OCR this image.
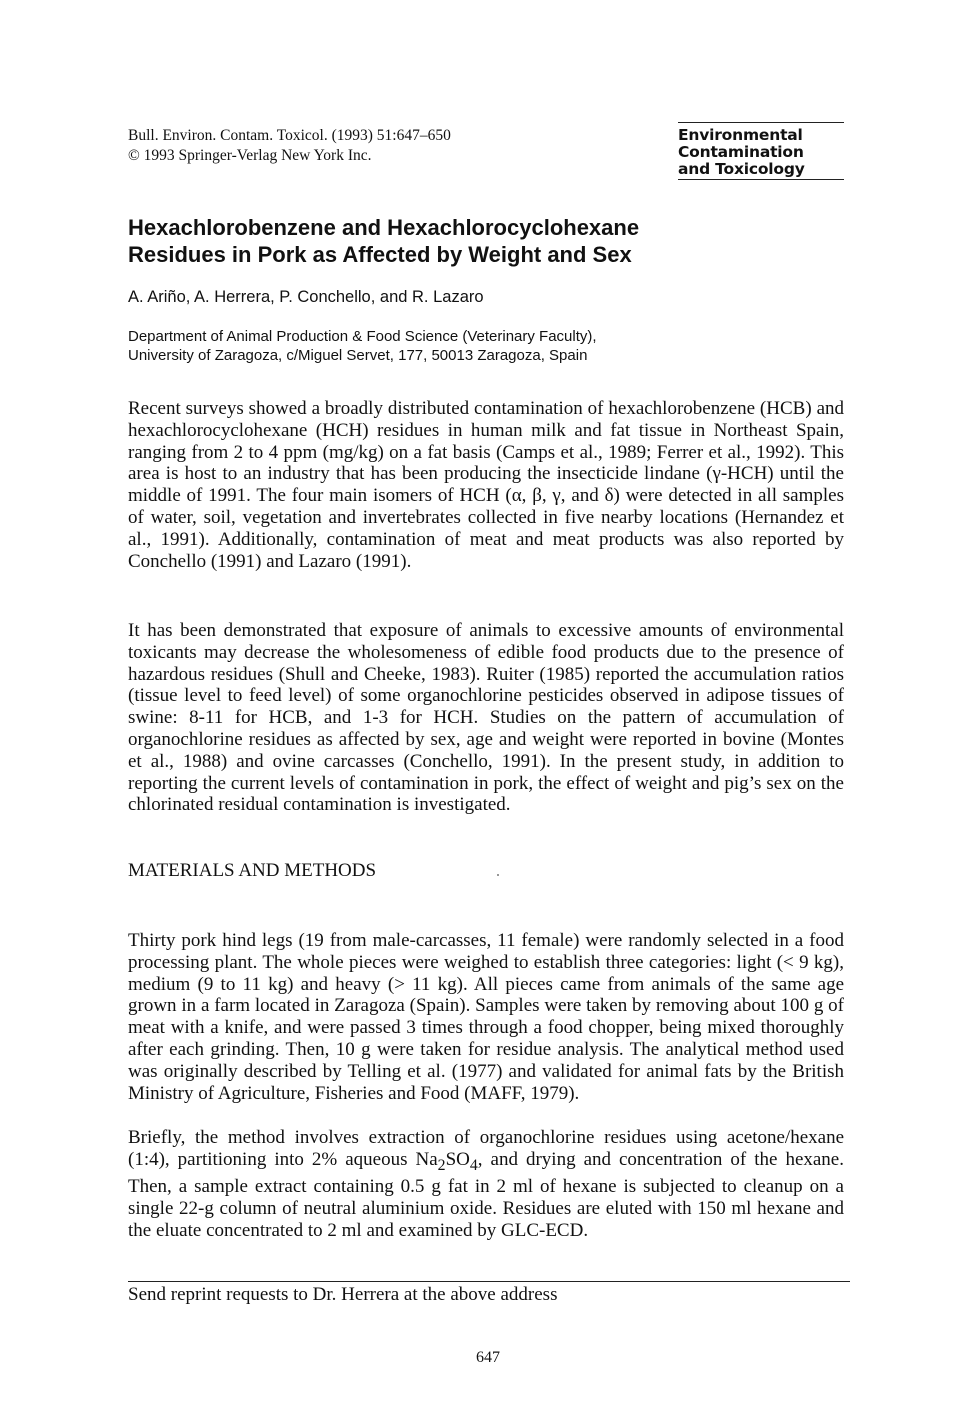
Bull. Environ. Contam. Toxicol. (1993) 51:647–650
© 1993 Springer-Verlag New York Inc.
Environmental
Contamination
and Toxicology
Hexachlorobenzene and Hexachlorocyclohexane
Residues in Pork as Affected by Weight and Sex
A. Ariño, A. Herrera, P. Conchello, and R. Lazaro
Department of Animal Production & Food Science (Veterinary Faculty),
University of Zaragoza, c/Miguel Servet, 177, 50013 Zaragoza, Spain

Recent surveys showed a broadly distributed contamination of hexachlorobenzene (HCB) and hexachlorocyclohexane (HCH) residues in human milk and fat tissue in Northeast Spain, ranging from 2 to 4 ppm (mg/kg) on a fat basis (Camps et al., 1989; Ferrer et al., 1992). This area is host to an industry that has been producing the insecticide lindane (γ-HCH) until the middle of 1991. The four main isomers of HCH (α, β, γ, and δ) were detected in all samples of water, soil, vegetation and invertebrates collected in five nearby locations (Hernandez et al., 1991). Additionally, contamination of meat and meat products was also reported by Conchello (1991) and Lazaro (1991).

It has been demonstrated that exposure of animals to excessive amounts of environmental toxicants may decrease the wholesomeness of edible food products due to the presence of hazardous residues (Shull and Cheeke, 1983). Ruiter (1985) reported the accumulation ratios (tissue level to feed level) of some organochlorine pesticides observed in adipose tissues of swine: 8-11 for HCB, and 1-3 for HCH. Studies on the pattern of accumulation of organochlorine residues as affected by sex, age and weight were reported in bovine (Montes et al., 1988) and ovine carcasses (Conchello, 1991). In the present study, in addition to reporting the current levels of contamination in pork, the effect of weight and pig’s sex on the chlorinated residual contamination is investigated.

MATERIALS AND METHODS

Thirty pork hind legs (19 from male-carcasses, 11 female) were randomly selected in a food processing plant. The whole pieces were weighed to establish three categories: light (< 9 kg), medium (9 to 11 kg) and heavy (> 11 kg). All pieces came from animals of the same age grown in a farm located in Zaragoza (Spain). Samples were taken by removing about 100 g of meat with a knife, and were passed 3 times through a food chopper, being mixed thoroughly after each grinding. Then, 10 g were taken for residue analysis. The analytical method used was originally described by Telling et al. (1977) and validated for animal fats by the British Ministry of Agriculture, Fisheries and Food (MAFF, 1979).

Briefly, the method involves extraction of organochlorine residues using acetone/hexane (1:4), partitioning into 2% aqueous $Na_2SO_4$, and drying and concentration of the hexane. Then, a sample extract containing 0.5 g fat in 2 ml of hexane is subjected to cleanup on a single 22-g column of neutral aluminium oxide. Residues are eluted with 150 ml hexane and the eluate concentrated to 2 ml and examined by GLC-ECD.

Send reprint requests to Dr. Herrera at the above address
647
